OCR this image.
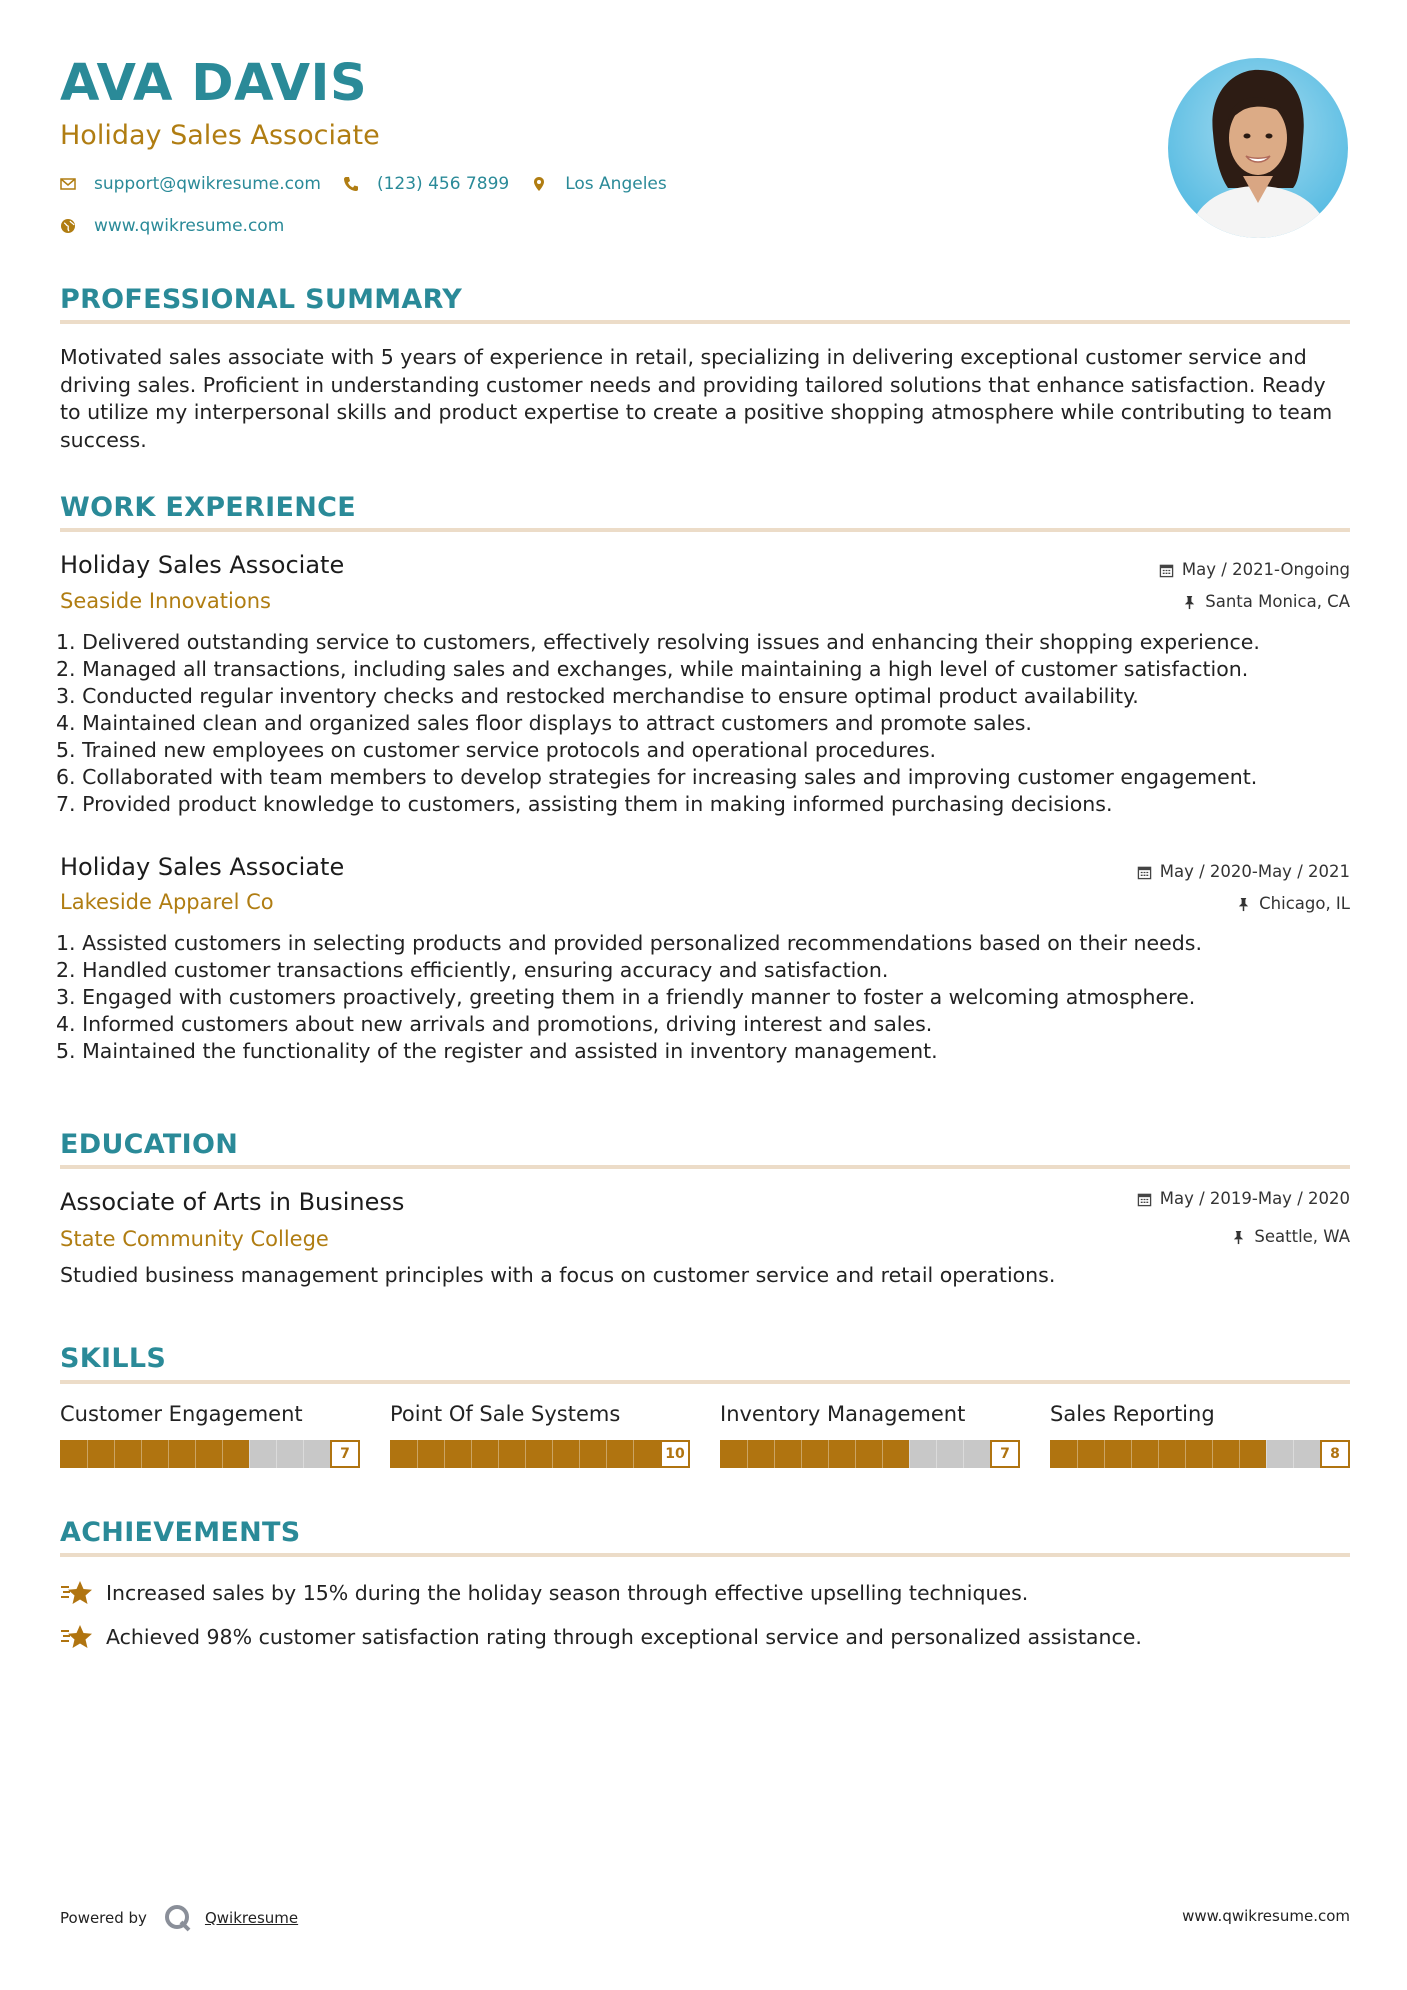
AVA DAVIS
Holiday Sales Associate
support@qwikresume.com	(123) 456 7899	Los Angeles
www.qwikresume.com
PROFESSIONAL SUMMARY
Motivated sales associate with 5 years of experience in retail, specializing in delivering exceptional customer service and driving sales. Proficient in understanding customer needs and providing tailored solutions that enhance satisfaction. Ready to utilize my interpersonal skills and product expertise to create a positive shopping atmosphere while contributing to team success.
WORK EXPERIENCE
Holiday Sales Associate
Seaside Innovations
May / 2021-Ongoing
Santa Monica, CA
1. Delivered outstanding service to customers, effectively resolving issues and enhancing their shopping experience.
2. Managed all transactions, including sales and exchanges, while maintaining a high level of customer satisfaction.
3. Conducted regular inventory checks and restocked merchandise to ensure optimal product availability.
4. Maintained clean and organized sales floor displays to attract customers and promote sales.
5. Trained new employees on customer service protocols and operational procedures.
6. Collaborated with team members to develop strategies for increasing sales and improving customer engagement.
7. Provided product knowledge to customers, assisting them in making informed purchasing decisions.
Holiday Sales Associate
Lakeside Apparel Co
May / 2020-May / 2021
Chicago, IL
1. Assisted customers in selecting products and provided personalized recommendations based on their needs.
2. Handled customer transactions efficiently, ensuring accuracy and satisfaction.
3. Engaged with customers proactively, greeting them in a friendly manner to foster a welcoming atmosphere.
4. Informed customers about new arrivals and promotions, driving interest and sales.
5. Maintained the functionality of the register and assisted in inventory management.
EDUCATION
Associate of Arts in Business
State Community College
May / 2019-May / 2020
Seattle, WA
Studied business management principles with a focus on customer service and retail operations.
SKILLS
Customer Engagement
7
Point Of Sale Systems
10
Inventory Management
7
Sales Reporting
8
ACHIEVEMENTS
Increased sales by 15% during the holiday season through effective upselling techniques.
Achieved 98% customer satisfaction rating through exceptional service and personalized assistance.
Powered by	Qwikresume	www.qwikresume.com
